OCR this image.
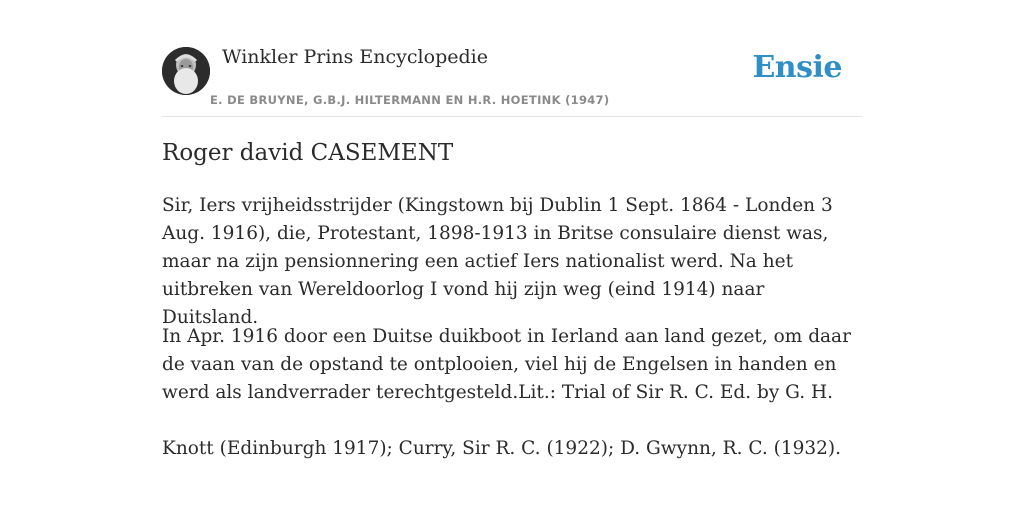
Winkler Prins Encyclopedie
E. DE BRUYNE, G.B.J. HILTERMANN EN H.R. HOETINK (1947)
Ensie
Roger david CASEMENT

Sir, Iers vrijheidsstrijder (Kingstown bij Dublin 1 Sept. 1864 - Londen 3 Aug. 1916), die, Protestant, 1898-1913 in Britse consulaire dienst was, maar na zijn pensionnering een actief Iers nationalist werd. Na het uitbreken van Wereldoorlog I vond hij zijn weg (eind 1914) naar Duitsland.

In Apr. 1916 door een Duitse duikboot in Ierland aan land gezet, om daar de vaan van de opstand te ontplooien, viel hij de Engelsen in handen en werd als landverrader terechtgesteld.Lit.: Trial of Sir R. C. Ed. by G. H.

Knott (Edinburgh 1917); Curry, Sir R. C. (1922); D. Gwynn, R. C. (1932).
